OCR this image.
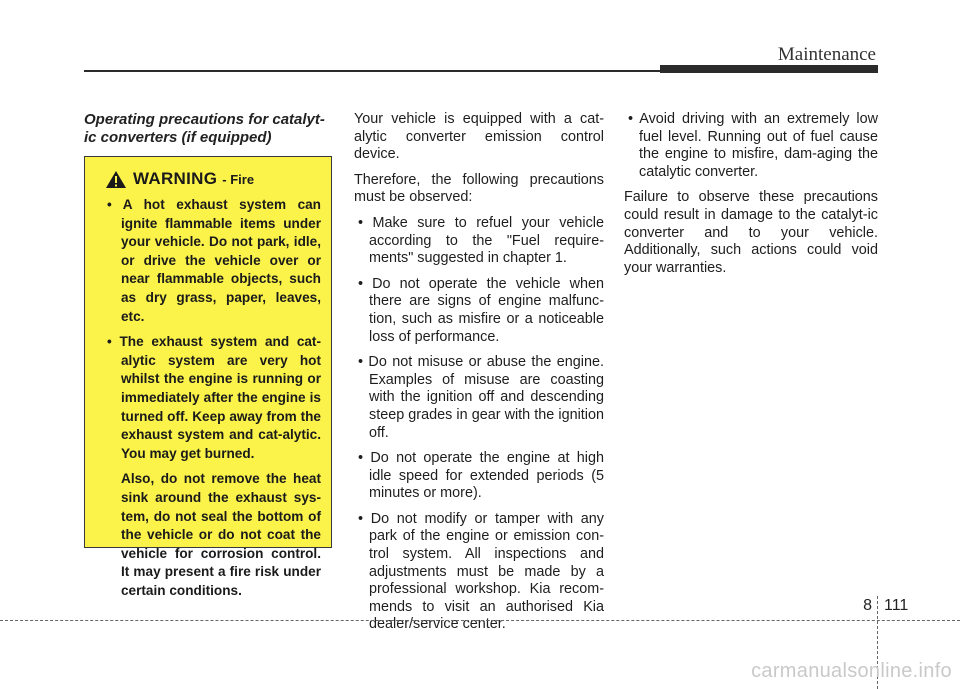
Maintenance
Operating precautions for catalyt-ic converters (if equipped)
WARNING - Fire

• A hot exhaust system can ignite flammable items under your vehicle. Do not park, idle, or drive the vehicle over or near flammable objects, such as dry grass, paper, leaves, etc.

• The exhaust system and cat-alytic system are very hot whilst the engine is running or immediately after the engine is turned off. Keep away from the exhaust system and cat-alytic. You may get burned.

Also, do not remove the heat sink around the exhaust sys-tem, do not seal the bottom of the vehicle or do not coat the vehicle for corrosion control. It may present a fire risk under certain conditions.

Your vehicle is equipped with a cat-alytic converter emission control device.

Therefore, the following precautions must be observed:

• Make sure to refuel your vehicle according to the "Fuel require-ments" suggested in chapter 1.

• Do not operate the vehicle when there are signs of engine malfunc-tion, such as misfire or a noticeable loss of performance.

• Do not misuse or abuse the engine. Examples of misuse are coasting with the ignition off and descending steep grades in gear with the ignition off.

• Do not operate the engine at high idle speed for extended periods (5 minutes or more).

• Do not modify or tamper with any park of the engine or emission con-trol system. All inspections and adjustments must be made by a professional workshop. Kia recom-mends to visit an authorised Kia dealer/service center.

• Avoid driving with an extremely low fuel level. Running out of fuel cause the engine to misfire, dam-aging the catalytic converter.

Failure to observe these precautions could result in damage to the catalyt-ic converter and to your vehicle. Additionally, such actions could void your warranties.

8 111
carmanualsonline.info
